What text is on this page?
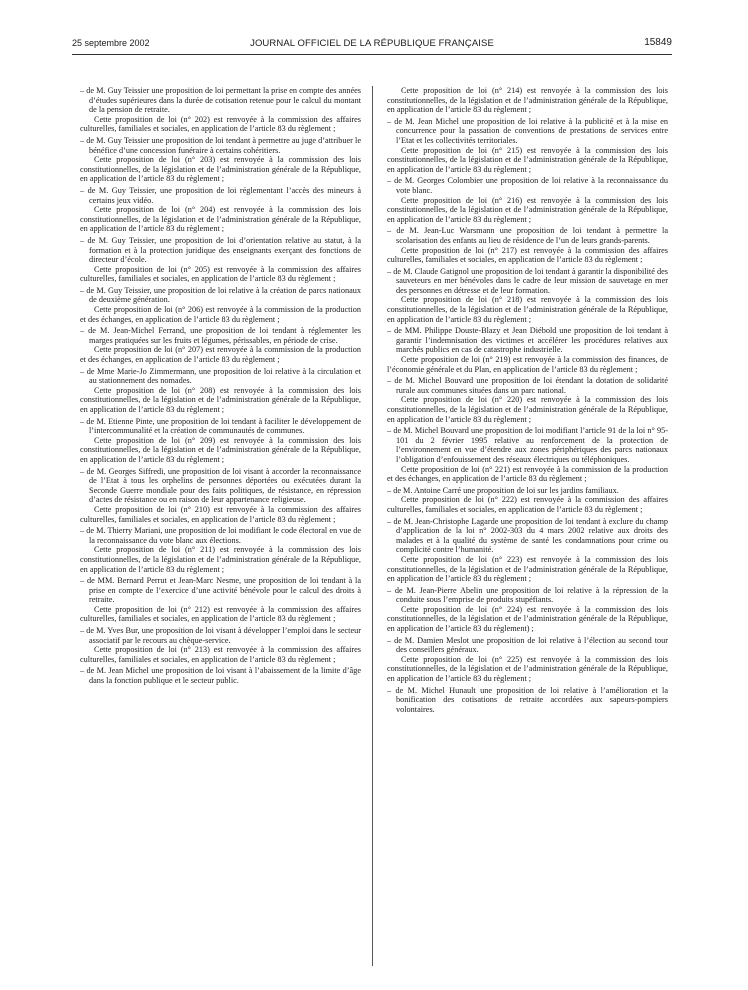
25 septembre 2002	JOURNAL OFFICIEL DE LA RÉPUBLIQUE FRANÇAISE	15849

– de M. Guy Teissier une proposition de loi permettant la prise en compte des années d’études supérieures dans la durée de cotisation retenue pour le calcul du montant de la pension de retraite.

Cette proposition de loi (n° 202) est renvoyée à la commission des affaires culturelles, familiales et sociales, en application de l’article 83 du règlement ;

– de M. Guy Teissier une proposition de loi tendant à permettre au juge d’attribuer le bénéfice d’une concession funéraire à certains cohéritiers.

Cette proposition de loi (n° 203) est renvoyée à la commission des lois constitutionnelles, de la législation et de l’administration générale de la République, en application de l’article 83 du règlement ;

– de M. Guy Teissier, une proposition de loi réglementant l’accès des mineurs à certains jeux vidéo.

Cette proposition de loi (n° 204) est renvoyée à la commission des lois constitutionnelles, de la législation et de l’administration générale de la République, en application de l’article 83 du règlement ;

– de M. Guy Teissier, une proposition de loi d’orientation relative au statut, à la formation et à la protection juridique des enseignants exerçant des fonctions de directeur d’école.

Cette proposition de loi (n° 205) est renvoyée à la commission des affaires culturelles, familiales et sociales, en application de l’article 83 du règlement ;

– de M. Guy Teissier, une proposition de loi relative à la création de parcs nationaux de deuxième génération.

Cette proposition de loi (n° 206) est renvoyée à la commission de la production et des échanges, en application de l’article 83 du règlement ;

– de M. Jean-Michel Ferrand, une proposition de loi tendant à réglementer les marges pratiquées sur les fruits et légumes, périssables, en période de crise.

Cette proposition de loi (n° 207) est renvoyée à la commission de la production et des échanges, en application de l’article 83 du règlement ;

– de Mme Marie-Jo Zimmermann, une proposition de loi relative à la circulation et au stationnement des nomades.

Cette proposition de loi (n° 208) est renvoyée à la commission des lois constitutionnelles, de la législation et de l’administration générale de la République, en application de l’article 83 du règlement ;

– de M. Etienne Pinte, une proposition de loi tendant à faciliter le développement de l’intercommunalité et la création de communautés de communes.

Cette proposition de loi (n° 209) est renvoyée à la commission des lois constitutionnelles, de la législation et de l’administration générale de la République, en application de l’article 83 du règlement ;

– de M. Georges Siffredi, une proposition de loi visant à accorder la reconnaissance de l’Etat à tous les orphelins de personnes déportées ou exécutées durant la Seconde Guerre mondiale pour des faits politiques, de résistance, en répression d’actes de résistance ou en raison de leur appartenance religieuse.

Cette proposition de loi (n° 210) est renvoyée à la commission des affaires culturelles, familiales et sociales, en application de l’article 83 du règlement ;

– de M. Thierry Mariani, une proposition de loi modifiant le code électoral en vue de la reconnaissance du vote blanc aux élections.

Cette proposition de loi (n° 211) est renvoyée à la commission des lois constitutionnelles, de la législation et de l’administration générale de la République, en application de l’article 83 du règlement ;

– de MM. Bernard Perrut et Jean-Marc Nesme, une proposition de loi tendant à la prise en compte de l’exercice d’une activité bénévole pour le calcul des droits à retraite.

Cette proposition de loi (n° 212) est renvoyée à la commission des affaires culturelles, familiales et sociales, en application de l’article 83 du règlement ;

– de M. Yves Bur, une proposition de loi visant à développer l’emploi dans le secteur associatif par le recours au chèque-service.

Cette proposition de loi (n° 213) est renvoyée à la commission des affaires culturelles, familiales et sociales, en application de l’article 83 du règlement ;

– de M. Jean Michel une proposition de loi visant à l’abaissement de la limite d’âge dans la fonction publique et le secteur public.

Cette proposition de loi (n° 214) est renvoyée à la commission des lois constitutionnelles, de la législation et de l’administration générale de la République, en application de l’article 83 du règlement ;

– de M. Jean Michel une proposition de loi relative à la publicité et à la mise en concurrence pour la passation de conventions de prestations de services entre l’Etat et les collectivités territoriales.

Cette proposition de loi (n° 215) est renvoyée à la commission des lois constitutionnelles, de la législation et de l’administration générale de la République, en application de l’article 83 du règlement ;

– de M. Georges Colombier une proposition de loi relative à la reconnaissance du vote blanc.

Cette proposition de loi (n° 216) est renvoyée à la commission des lois constitutionnelles, de la législation et de l’administration générale de la République, en application de l’article 83 du règlement ;

– de M. Jean-Luc Warsmann une proposition de loi tendant à permettre la scolarisation des enfants au lieu de résidence de l’un de leurs grands-parents.

Cette proposition de loi (n° 217) est renvoyée à la commission des affaires culturelles, familiales et sociales, en application de l’article 83 du règlement ;

– de M. Claude Gatignol une proposition de loi tendant à garantir la disponibilité des sauveteurs en mer bénévoles dans le cadre de leur mission de sauvetage en mer des personnes en détresse et de leur formation.

Cette proposition de loi (n° 218) est renvoyée à la commission des lois constitutionnelles, de la législation et de l’administration générale de la République, en application de l’article 83 du règlement ;

– de MM. Philippe Douste-Blazy et Jean Diébold une proposition de loi tendant à garantir l’indemnisation des victimes et accélérer les procédures relatives aux marchés publics en cas de catastrophe industrielle.

Cette proposition de loi (n° 219) est renvoyée à la commission des finances, de l’économie générale et du Plan, en application de l’article 83 du règlement ;

– de M. Michel Bouvard une proposition de loi étendant la dotation de solidarité rurale aux communes situées dans un parc national.

Cette proposition de loi (n° 220) est renvoyée à la commission des lois constitutionnelles, de la législation et de l’administration générale de la République, en application de l’article 83 du règlement ;

– de M. Michel Bouvard une proposition de loi modifiant l’article 91 de la loi n° 95-101 du 2 février 1995 relative au renforcement de la protection de l’environnement en vue d’étendre aux zones périphériques des parcs nationaux l’obligation d’enfouissement des réseaux électriques ou téléphoniques.

Cette proposition de loi (n° 221) est renvoyée à la commission de la production et des échanges, en application de l’article 83 du règlement ;

– de M. Antoine Carré une proposition de loi sur les jardins familiaux.

Cette proposition de loi (n° 222) est renvoyée à la commission des affaires culturelles, familiales et sociales, en application de l’article 83 du règlement ;

– de M. Jean-Christophe Lagarde une proposition de loi tendant à exclure du champ d’application de la loi n° 2002-303 du 4 mars 2002 relative aux droits des malades et à la qualité du système de santé les condamnations pour crime ou complicité contre l’humanité.

Cette proposition de loi (n° 223) est renvoyée à la commission des lois constitutionnelles, de la législation et de l’administration générale de la République, en application de l’article 83 du règlement ;

– de M. Jean-Pierre Abelin une proposition de loi relative à la répression de la conduite sous l’emprise de produits stupéfiants.

Cette proposition de loi (n° 224) est renvoyée à la commission des lois constitutionnelles, de la législation et de l’administration générale de la République, en application de l’article 83 du règlement) ;

– de M. Damien Meslot une proposition de loi relative à l’élection au second tour des conseillers généraux.

Cette proposition de loi (n° 225) est renvoyée à la commission des lois constitutionnelles, de la législation et de l’administration générale de la République, en application de l’article 83 du règlement ;

– de M. Michel Hunault une proposition de loi relative à l’amélioration et la bonification des cotisations de retraite accordées aux sapeurs-pompiers volontaires.
